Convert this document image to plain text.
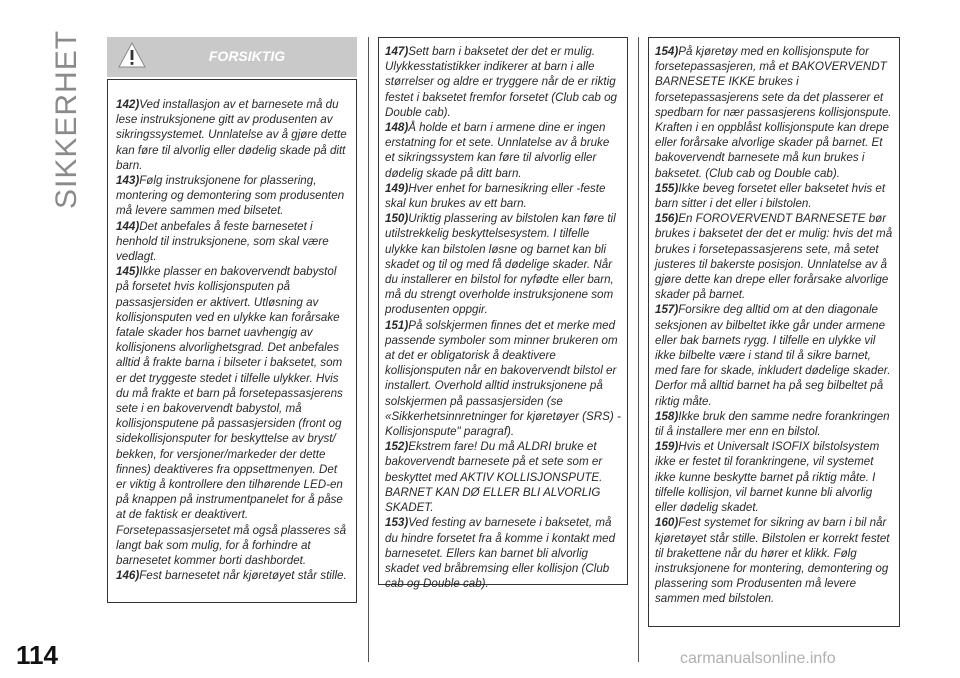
SIKKERHET
114
FORSIKTIG

142)Ved installasjon av et barnesete må du lese instruksjonene gitt av produsenten av sikringssystemet. Unnlatelse av å gjøre dette kan føre til alvorlig eller dødelig skade på ditt barn.

143)Følg instruksjonene for plassering, montering og demontering som produsenten må levere sammen med bilsetet.

144)Det anbefales å feste barnesetet i henhold til instruksjonene, som skal være vedlagt.

145)Ikke plasser en bakovervendt babystol på forsetet hvis kollisjonsputen på passasjersiden er aktivert. Utløsning av kollisjonsputen ved en ulykke kan forårsake fatale skader hos barnet uavhengig av kollisjonens alvorlighetsgrad. Det anbefales alltid å frakte barna i bilseter i baksetet, som er det tryggeste stedet i tilfelle ulykker. Hvis du må frakte et barn på forsetepassasjerens sete i en bakovervendt babystol, må kollisjonsputene på passasjersiden (front og sidekollisjonsputer for beskyttelse av bryst/ bekken, for versjoner/markeder der dette finnes) deaktiveres fra oppsettmenyen. Det er viktig å kontrollere den tilhørende LED-en på knappen på instrumentpanelet for å påse at de faktisk er deaktivert. Forsetepassasjersetet må også plasseres så langt bak som mulig, for å forhindre at barnesetet kommer borti dashbordet.

146)Fest barnesetet når kjøretøyet står stille.

147)Sett barn i baksetet der det er mulig. Ulykkesstatistikker indikerer at barn i alle størrelser og aldre er tryggere når de er riktig festet i baksetet fremfor forsetet (Club cab og Double cab).

148)Å holde et barn i armene dine er ingen erstatning for et sete. Unnlatelse av å bruke et sikringssystem kan føre til alvorlig eller dødelig skade på ditt barn.

149)Hver enhet for barnesikring eller -feste skal kun brukes av ett barn.

150)Uriktig plassering av bilstolen kan føre til utilstrekkelig beskyttelsesystem. I tilfelle ulykke kan bilstolen løsne og barnet kan bli skadet og til og med få dødelige skader. Når du installerer en bilstol for nyfødte eller barn, må du strengt overholde instruksjonene som produsenten oppgir.

151)På solskjermen finnes det et merke med passende symboler som minner brukeren om at det er obligatorisk å deaktivere kollisjonsputen når en bakovervendt bilstol er installert. Overhold alltid instruksjonene på solskjermen på passasjersiden (se «Sikkerhetsinnretninger for kjøretøyer (SRS) - Kollisjonspute" paragraf).

152)Ekstrem fare! Du må ALDRI bruke et bakovervendt barnesete på et sete som er beskyttet med AKTIV KOLLISJONSPUTE. BARNET KAN DØ ELLER BLI ALVORLIG SKADET.

153)Ved festing av barnesete i baksetet, må du hindre forsetet fra å komme i kontakt med barnesetet. Ellers kan barnet bli alvorlig skadet ved bråbremsing eller kollisjon (Club cab og Double cab).

154)På kjøretøy med en kollisjonspute for forsetepassasjeren, må et BAKOVERVENDT BARNESETE IKKE brukes i forsetepassasjerens sete da det plasserer et spedbarn for nær passasjerens kollisjonspute. Kraften i en oppblåst kollisjonspute kan drepe eller forårsake alvorlige skader på barnet. Et bakovervendt barnesete må kun brukes i baksetet. (Club cab og Double cab).

155)Ikke beveg forsetet eller baksetet hvis et barn sitter i det eller i bilstolen.

156)En FOROVERVENDT BARNESETE bør brukes i baksetet der det er mulig: hvis det må brukes i forsetepassasjerens sete, må setet justeres til bakerste posisjon. Unnlatelse av å gjøre dette kan drepe eller forårsake alvorlige skader på barnet.

157)Forsikre deg alltid om at den diagonale seksjonen av bilbeltet ikke går under armene eller bak barnets rygg. I tilfelle en ulykke vil ikke bilbelte være i stand til å sikre barnet, med fare for skade, inkludert dødelige skader. Derfor må alltid barnet ha på seg bilbeltet på riktig måte.

158)Ikke bruk den samme nedre forankringen til å installere mer enn en bilstol.

159)Hvis et Universalt ISOFIX bilstolsystem ikke er festet til forankringene, vil systemet ikke kunne beskytte barnet på riktig måte. I tilfelle kollisjon, vil barnet kunne bli alvorlig eller dødelig skadet.

160)Fest systemet for sikring av barn i bil når kjøretøyet står stille. Bilstolen er korrekt festet til brakettene når du hører et klikk. Følg instruksjonene for montering, demontering og plassering som Produsenten må levere sammen med bilstolen.

carmanualsonline.info
